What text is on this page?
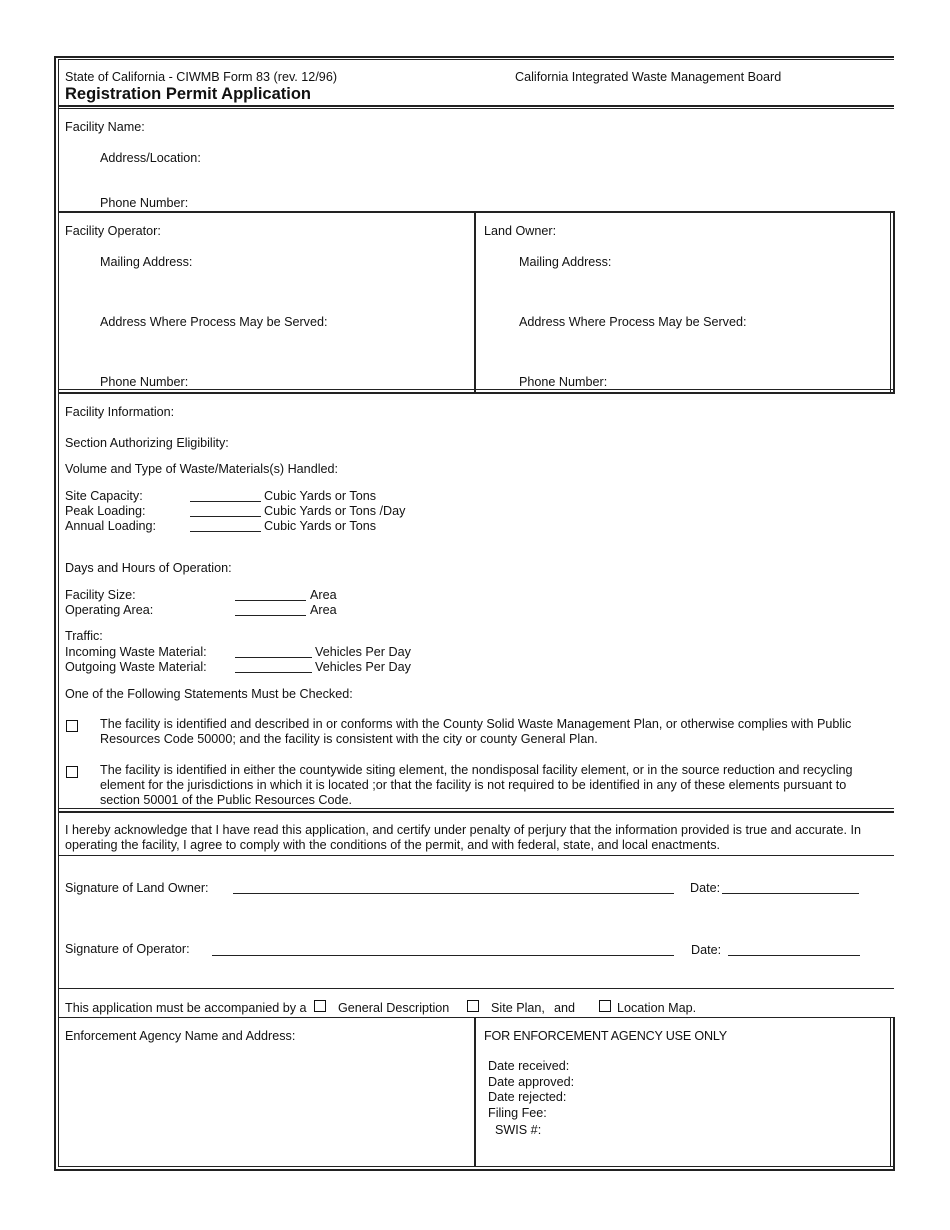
State of California - CIWMB Form 83 (rev. 12/96)	California Integrated Waste Management Board
Registration Permit Application
Facility Name:
Address/Location:
Phone Number:
Facility Operator:
Mailing Address:
Address Where Process May be Served:
Phone Number:
Land Owner:
Mailing Address:
Address Where Process May be Served:
Phone Number:
Facility Information:
Section Authorizing Eligibility:
Volume and Type of Waste/Materials(s) Handled:
Site Capacity:	Cubic Yards or Tons
Peak Loading:	Cubic Yards or Tons /Day
Annual Loading:	Cubic Yards or Tons
Days and Hours of Operation:
Facility Size:	Area
Operating Area:	Area
Traffic:
Incoming Waste Material:	Vehicles Per Day
Outgoing Waste Material:	Vehicles Per Day
One of the Following Statements Must be Checked:
The facility is identified and described in or conforms with the County Solid Waste Management Plan, or otherwise complies with Public Resources Code 50000; and the facility is consistent with the city or county General Plan.
The facility is identified in either the countywide siting element, the nondisposal facility element, or in the source reduction and recycling element for the jurisdictions in which it is located ;or that the facility is not required to be identified in any of these elements pursuant to section 50001 of the Public Resources Code.
I hereby acknowledge that I have read this application, and certify under penalty of perjury that the information provided is true and accurate. In operating the facility, I agree to comply with the conditions of the permit, and with federal, state, and local enactments.
Signature of Land Owner:	Date:
Signature of Operator:	Date:
This application must be accompanied by a General Description	Site Plan, and	Location Map.
Enforcement Agency Name and Address:	FOR ENFORCEMENT AGENCY USE ONLY
Date received:
Date approved:
Date rejected:
Filing Fee:
SWIS #:
